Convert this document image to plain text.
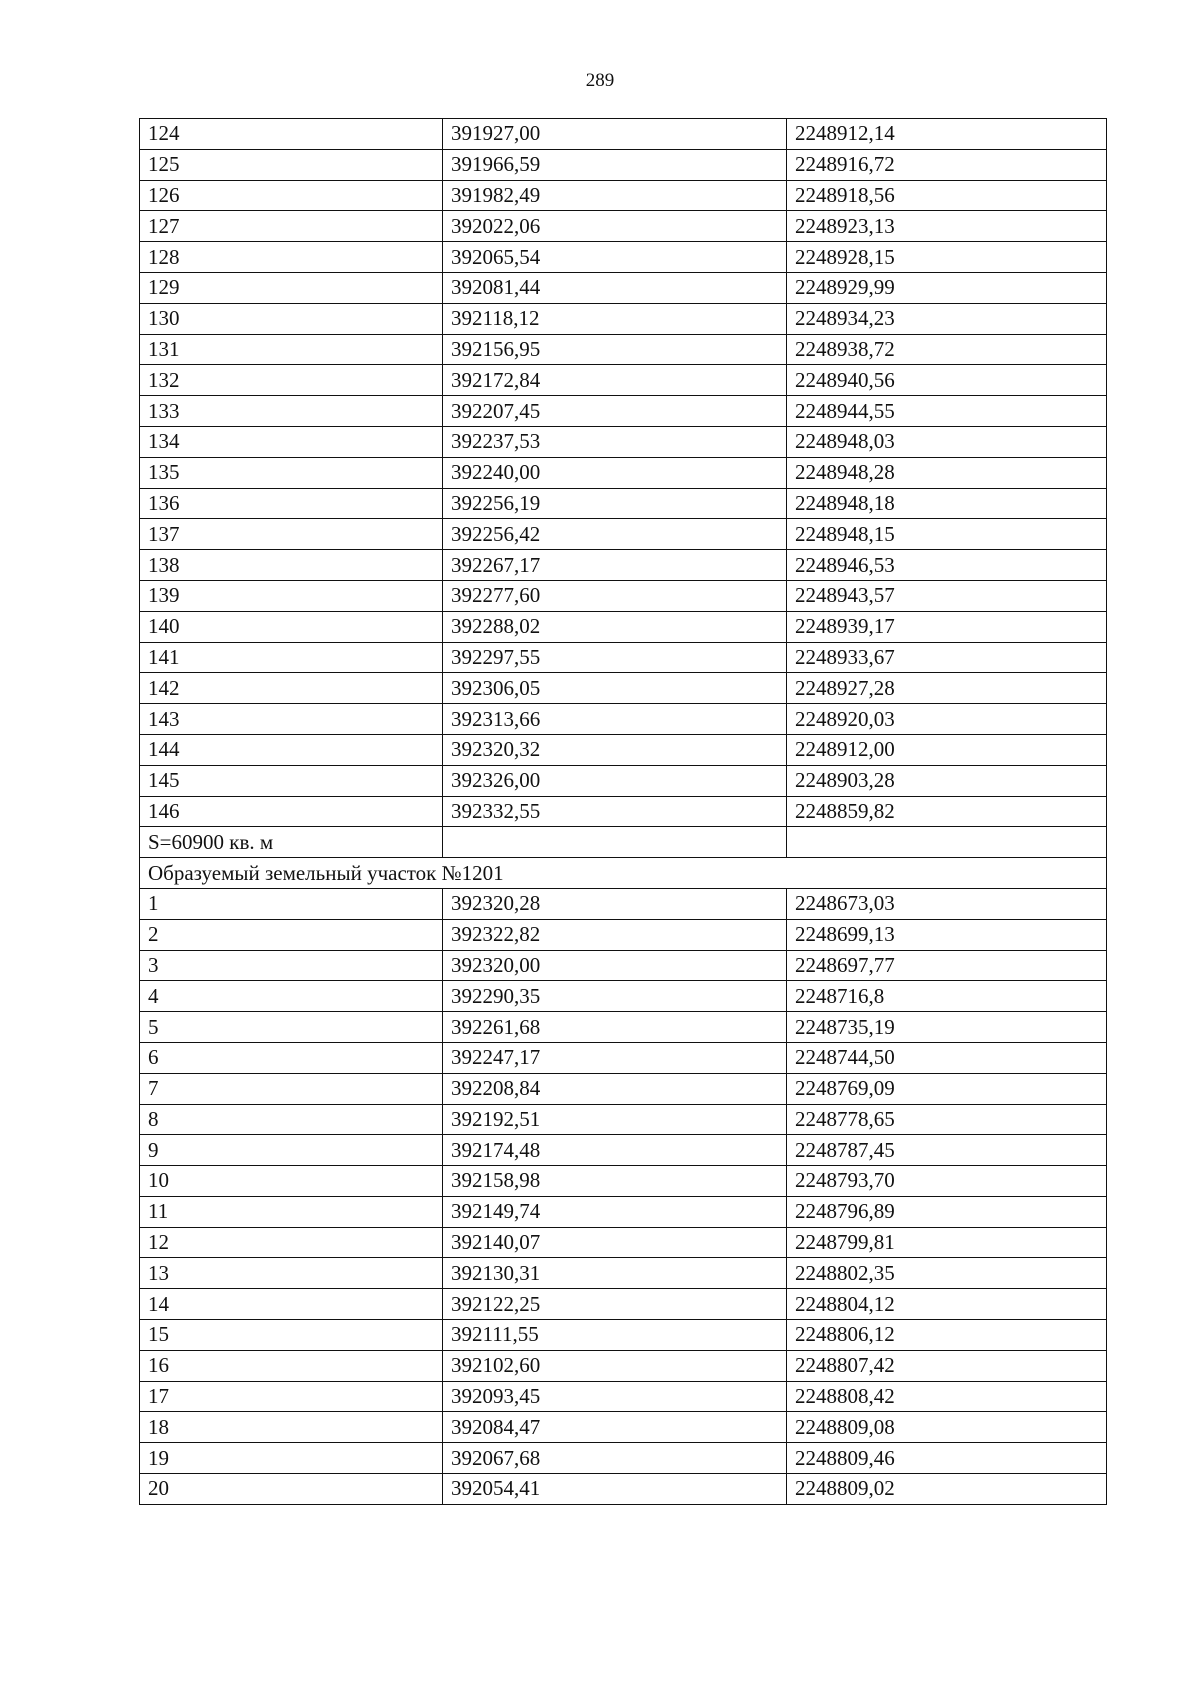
289
124	391927,00	2248912,14
125	391966,59	2248916,72
126	391982,49	2248918,56
127	392022,06	2248923,13
128	392065,54	2248928,15
129	392081,44	2248929,99
130	392118,12	2248934,23
131	392156,95	2248938,72
132	392172,84	2248940,56
133	392207,45	2248944,55
134	392237,53	2248948,03
135	392240,00	2248948,28
136	392256,19	2248948,18
137	392256,42	2248948,15
138	392267,17	2248946,53
139	392277,60	2248943,57
140	392288,02	2248939,17
141	392297,55	2248933,67
142	392306,05	2248927,28
143	392313,66	2248920,03
144	392320,32	2248912,00
145	392326,00	2248903,28
146	392332,55	2248859,82
S=60900 кв. м		
Образуемый земельный участок №1201		
1	392320,28	2248673,03
2	392322,82	2248699,13
3	392320,00	2248697,77
4	392290,35	2248716,8
5	392261,68	2248735,19
6	392247,17	2248744,50
7	392208,84	2248769,09
8	392192,51	2248778,65
9	392174,48	2248787,45
10	392158,98	2248793,70
11	392149,74	2248796,89
12	392140,07	2248799,81
13	392130,31	2248802,35
14	392122,25	2248804,12
15	392111,55	2248806,12
16	392102,60	2248807,42
17	392093,45	2248808,42
18	392084,47	2248809,08
19	392067,68	2248809,46
20	392054,41	2248809,02
